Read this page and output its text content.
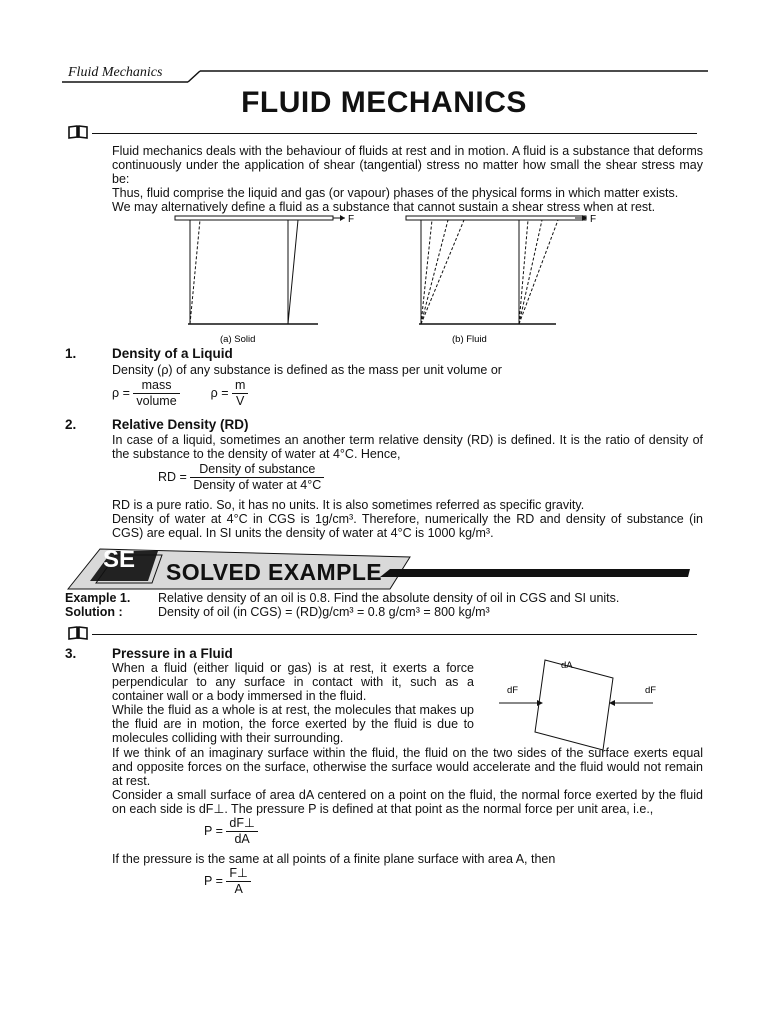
Fluid Mechanics
FLUID MECHANICS
Fluid mechanics deals with the behaviour of fluids at rest and in motion. A fluid is a substance that deforms continuously under the application of shear (tangential) stress no matter how small the shear stress may be:
Thus, fluid comprise the liquid and gas (or vapour) phases of the physical forms in which matter exists.
We may alternatively define a fluid as a substance that cannot sustain a shear stress when at rest.
F
(a) Solid
F
(b) Fluid
1.	Density of a Liquid
Density (ρ) of any substance is defined as the mass per unit volume or
$\rho = \frac{\text{mass}}{\text{volume}}$ $\rho = \frac{m}{V}$
2.	Relative Density (RD)
In case of a liquid, sometimes an another term relative density (RD) is defined. It is the ratio of density of the substance to the density of water at 4°C. Hence,
RD = $\frac{\text{Density of substance}}{\text{Density of water at 4°C}}$
RD is a pure ratio. So, it has no units. It is also sometimes referred as specific gravity.
Density of water at 4°C in CGS is 1g/cm³. Therefore, numerically the RD and density of substance (in CGS) are equal. In SI units the density of water at 4°C is 1000 kg/m³.
SE SOLVED EXAMPLE
Example 1. Relative density of an oil is 0.8. Find the absolute density of oil in CGS and SI units.
Solution :	Density of oil (in CGS) = (RD)g/cm³ = 0.8 g/cm³ = 800 kg/m³
3.	Pressure in a Fluid
When a fluid (either liquid or gas) is at rest, it exerts a force perpendicular to any surface in contact with it, such as a container wall or a body immersed in the fluid.
While the fluid as a whole is at rest, the molecules that makes up the fluid are in motion, the force exerted by the fluid is due to molecules colliding with their surrounding.
If we think of an imaginary surface within the fluid, the fluid on the two sides of the surface exerts equal and opposite forces on the surface, otherwise the surface would accelerate and the fluid would not remain at rest.
Consider a small surface of area dA centered on a point on the fluid, the normal force exerted by the fluid on each side is dF⊥. The pressure P is defined at that point as the normal force per unit area, i.e.,
dA
dF	dF
$P = \frac{dF\perp}{dA}$
If the pressure is the same at all points of a finite plane surface with area A, then
$P = \frac{F\perp}{A}$
